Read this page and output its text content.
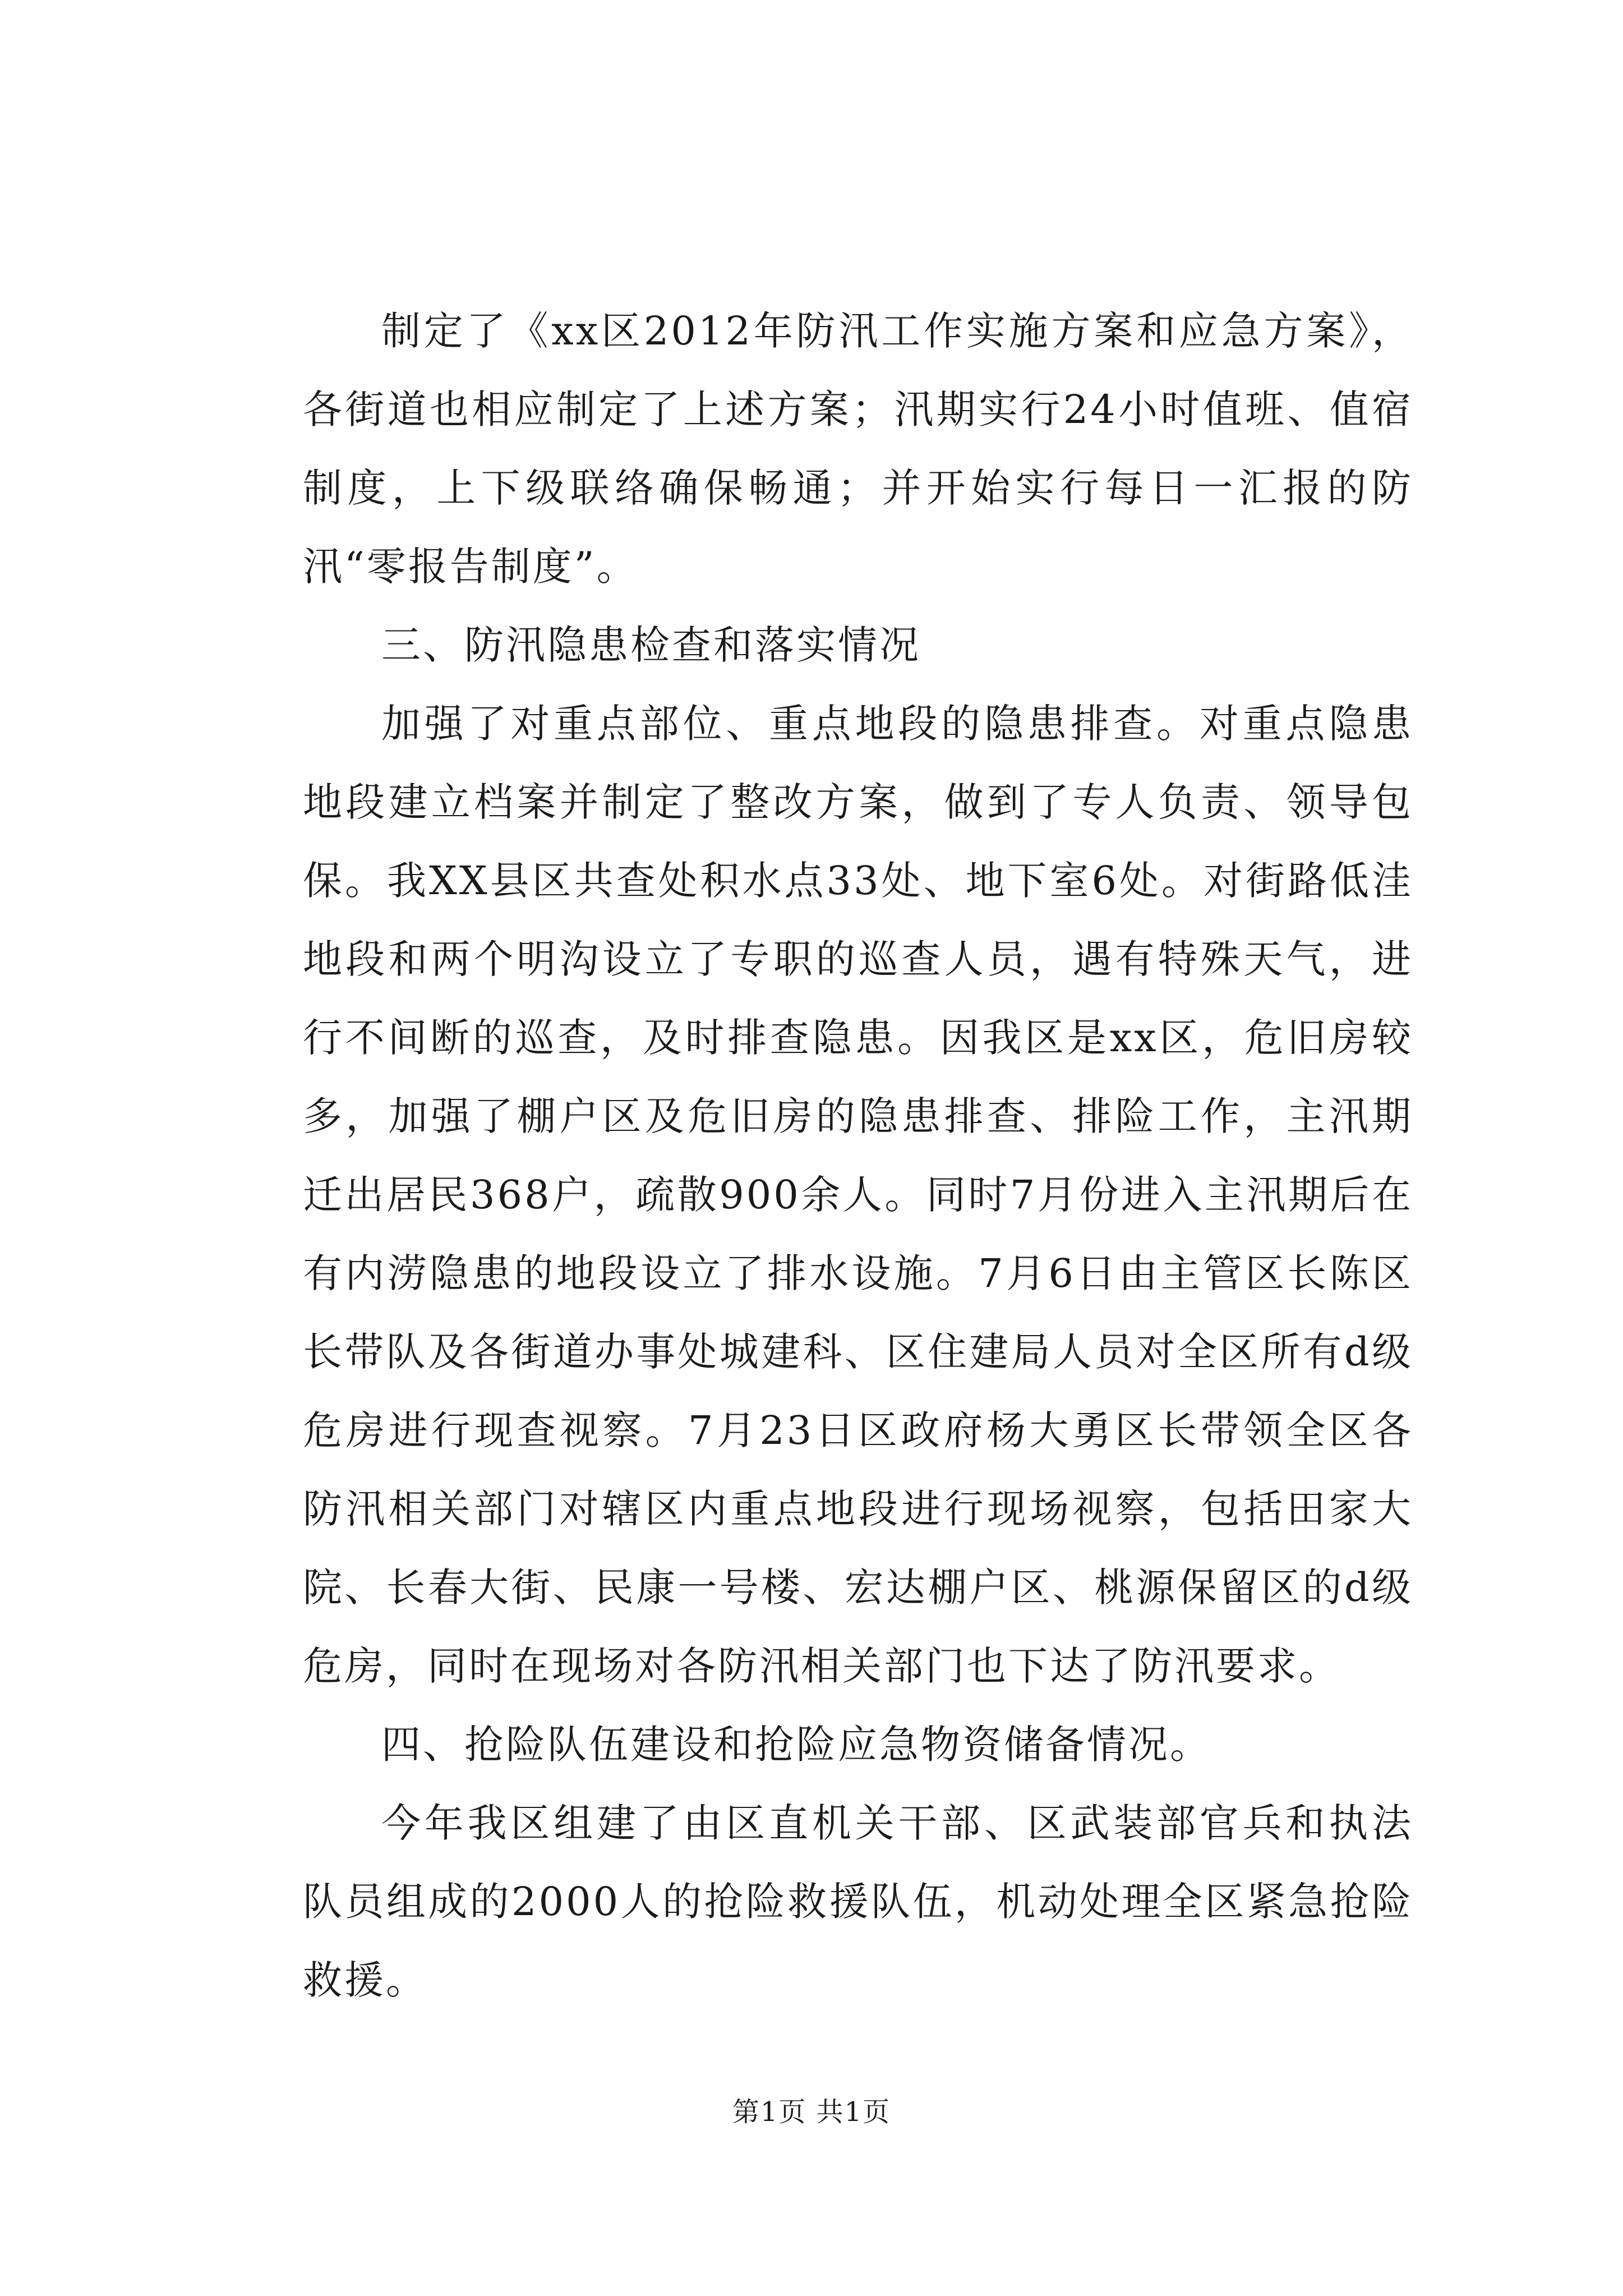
制定了《xx区2012年防汛工作实施方案和应急方案》，各街道也相应制定了上述方案；汛期实行24小时值班、值宿制度，上下级联络确保畅通；并开始实行每日一汇报的防汛“零报告制度”。

三、防汛隐患检查和落实情况

加强了对重点部位、重点地段的隐患排查。对重点隐患地段建立档案并制定了整改方案，做到了专人负责、领导包保。我XX县区共查处积水点33处、地下室6处。对街路低洼地段和两个明沟设立了专职的巡查人员，遇有特殊天气，进行不间断的巡查，及时排查隐患。因我区是xx区，危旧房较多，加强了棚户区及危旧房的隐患排查、排险工作，主汛期迁出居民368户，疏散900余人。同时7月份进入主汛期后在有内涝隐患的地段设立了排水设施。7月6日由主管区长陈区长带队及各街道办事处城建科、区住建局人员对全区所有d级危房进行现查视察。7月23日区政府杨大勇区长带领全区各防汛相关部门对辖区内重点地段进行现场视察，包括田家大院、长春大街、民康一号楼、宏达棚户区、桃源保留区的d级危房，同时在现场对各防汛相关部门也下达了防汛要求。

四、抢险队伍建设和抢险应急物资储备情况。

今年我区组建了由区直机关干部、区武装部官兵和执法队员组成的2000人的抢险救援队伍，机动处理全区紧急抢险救援。

第1页 共1页
